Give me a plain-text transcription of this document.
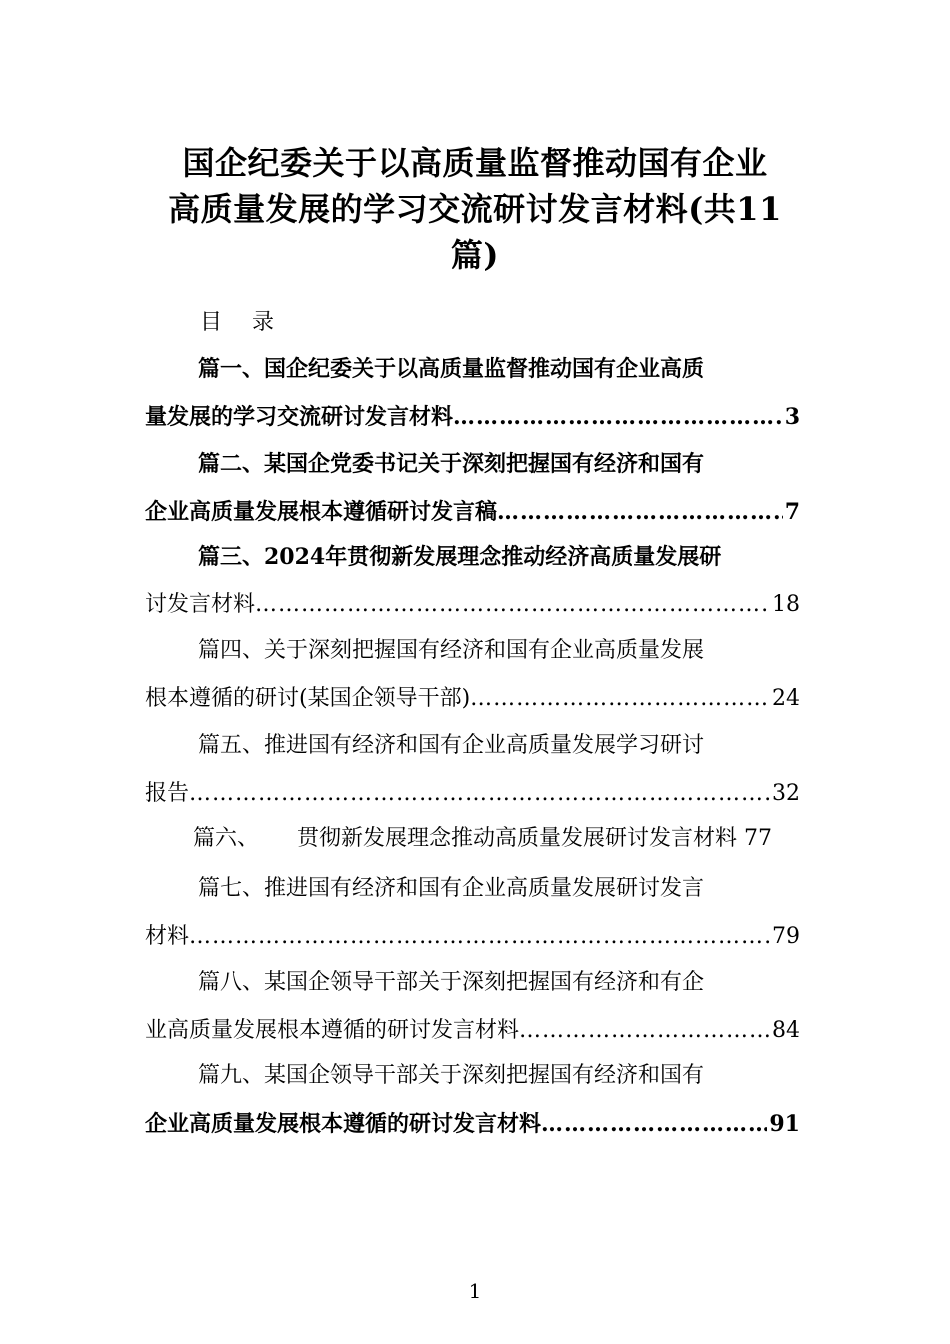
国企纪委关于以高质量监督推动国有企业
高质量发展的学习交流研讨发言材料(共11
篇)
目 录
篇一、国企纪委关于以高质量监督推动国有企业高质
量发展的学习交流研讨发言材料 …………………………………………………………………………………………………………………………………	3
篇二、某国企党委书记关于深刻把握国有经济和国有
企业高质量发展根本遵循研讨发言稿 …………………………………………………………………………………………………………………………………	7
篇三、2024年贯彻新发展理念推动经济高质量发展研
讨发言材料 …………………………………………………………………………………………………………………………………	18
篇四、关于深刻把握国有经济和国有企业高质量发展
根本遵循的研讨(某国企领导干部) …………………………………………………………………………………………………………………………………	24
篇五、推进国有经济和国有企业高质量发展学习研讨
报告 …………………………………………………………………………………………………………………………………	32
篇六、 贯彻新发展理念推动高质量发展研讨发言材料 77
篇七、推进国有经济和国有企业高质量发展研讨发言
材料 …………………………………………………………………………………………………………………………………	79
篇八、某国企领导干部关于深刻把握国有经济和有企
业高质量发展根本遵循的研讨发言材料 …………………………………………………………………………………………………………………………………	84
篇九、某国企领导干部关于深刻把握国有经济和国有
企业高质量发展根本遵循的研讨发言材料 …………………………………………………………………………………………………………………………………	91
1
